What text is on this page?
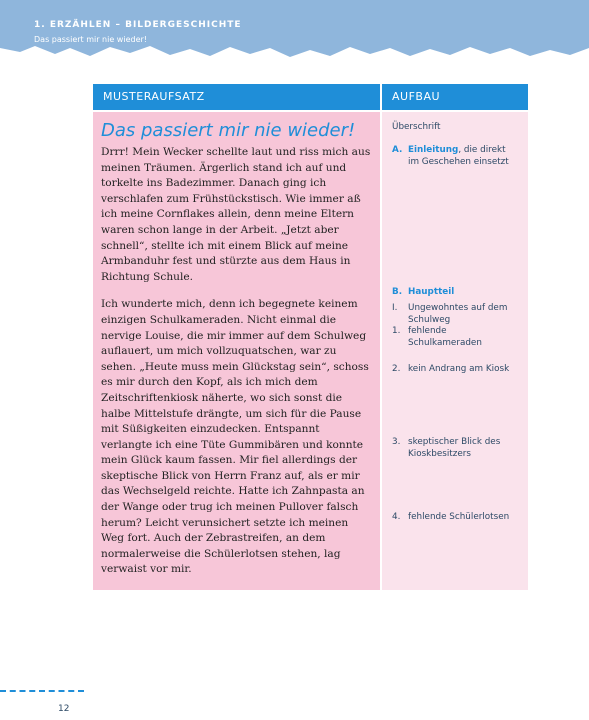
1. ERZÄHLEN – BILDERGESCHICHTE
Das passiert mir nie wieder!
MUSTERAUFSATZ	AUFBAU
Das passiert mir nie wieder!

Drrr! Mein Wecker schellte laut und riss mich aus meinen Träumen. Ärgerlich stand ich auf und torkelte ins Badezimmer. Danach ging ich verschlafen zum Frühstückstisch. Wie immer aß ich meine Cornflakes allein, denn meine Eltern waren schon lange in der Arbeit. „Jetzt aber schnell“, stellte ich mit einem Blick auf meine Armbanduhr fest und stürzte aus dem Haus in Richtung Schule.

Ich wunderte mich, denn ich begegnete keinem einzigen Schulkameraden. Nicht einmal die nervige Louise, die mir immer auf dem Schulweg auflauert, um mich vollzuquatschen, war zu sehen. „Heute muss mein Glückstag sein“, schoss es mir durch den Kopf, als ich mich dem Zeitschriftenkiosk näherte, wo sich sonst die halbe Mittelstufe drängte, um sich für die Pause mit Süßigkeiten einzudecken. Entspannt verlangte ich eine Tüte Gummibären und konnte mein Glück kaum fassen. Mir fiel allerdings der skeptische Blick von Herrn Franz auf, als er mir das Wechselgeld reichte. Hatte ich Zahnpasta an der Wange oder trug ich meinen Pullover falsch herum? Leicht verunsichert setzte ich meinen Weg fort. Auch der Zebrastreifen, an dem normalerweise die Schülerlotsen stehen, lag verwaist vor mir.

Überschrift
A. Einleitung, die direkt im Geschehen einsetzt
B. Hauptteil
I. Ungewohntes auf dem Schulweg
1. fehlende Schulkameraden
2. kein Andrang am Kiosk
3. skeptischer Blick des Kioskbesitzers
4. fehlende Schülerlotsen
12
